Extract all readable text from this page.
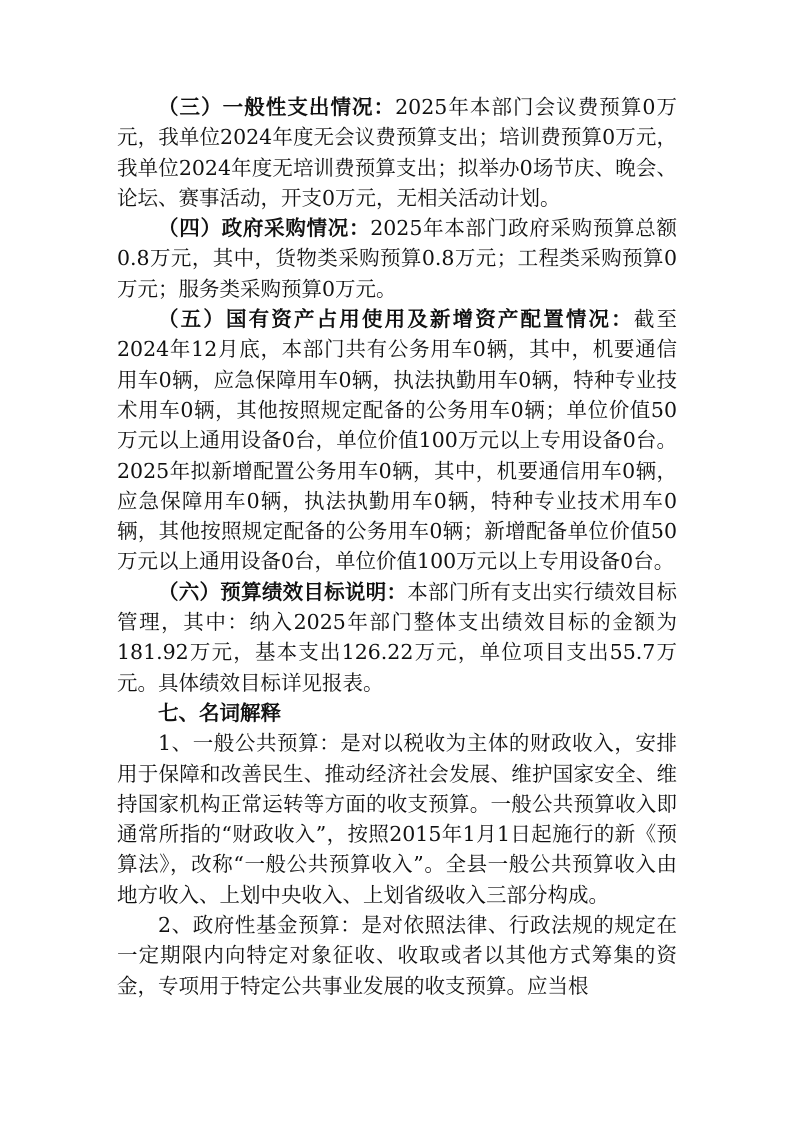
（三）一般性支出情况：2025年本部门会议费预算0万元，我单位2024年度无会议费预算支出；培训费预算0万元，我单位2024年度无培训费预算支出；拟举办0场节庆、晚会、论坛、赛事活动，开支0万元，无相关活动计划。

（四）政府采购情况：2025年本部门政府采购预算总额0.8万元，其中，货物类采购预算0.8万元；工程类采购预算0万元；服务类采购预算0万元。

（五）国有资产占用使用及新增资产配置情况：截至2024年12月底，本部门共有公务用车0辆，其中，机要通信用车0辆，应急保障用车0辆，执法执勤用车0辆，特种专业技术用车0辆，其他按照规定配备的公务用车0辆；单位价值50万元以上通用设备0台，单位价值100万元以上专用设备0台。2025年拟新增配置公务用车0辆，其中，机要通信用车0辆，应急保障用车0辆，执法执勤用车0辆，特种专业技术用车0辆，其他按照规定配备的公务用车0辆；新增配备单位价值50万元以上通用设备0台，单位价值100万元以上专用设备0台。

（六）预算绩效目标说明：本部门所有支出实行绩效目标管理，其中：纳入2025年部门整体支出绩效目标的金额为181.92万元，基本支出126.22万元，单位项目支出55.7万元。具体绩效目标详见报表。

七、名词解释

1、一般公共预算：是对以税收为主体的财政收入，安排用于保障和改善民生、推动经济社会发展、维护国家安全、维持国家机构正常运转等方面的收支预算。一般公共预算收入即通常所指的“财政收入”，按照2015年1月1日起施行的新《预算法》，改称“一般公共预算收入”。全县一般公共预算收入由地方收入、上划中央收入、上划省级收入三部分构成。

2、政府性基金预算：是对依照法律、行政法规的规定在一定期限内向特定对象征收、收取或者以其他方式筹集的资金，专项用于特定公共事业发展的收支预算。应当根
